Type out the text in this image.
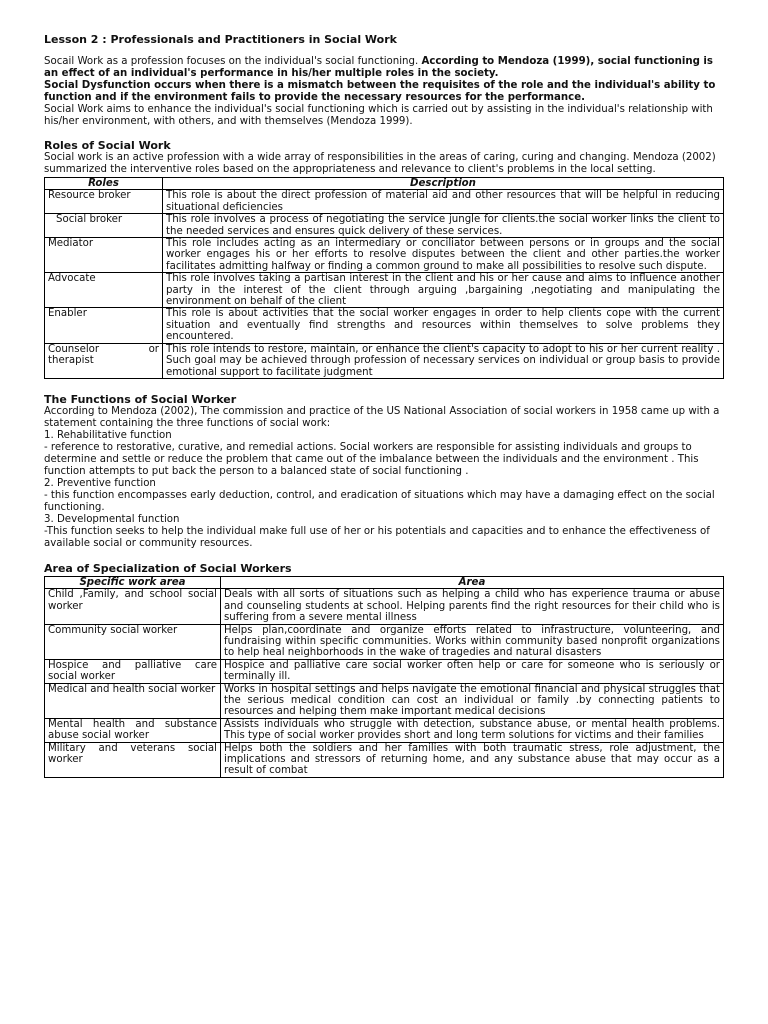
Lesson 2 : Professionals and Practitioners in Social Work

Socail Work as a profession focuses on the individual's social functioning. According to Mendoza (1999), social functioning is an effect of an individual's performance in his/her multiple roles in the society.

Social Dysfunction occurs when there is a mismatch between the requisites of the role and the individual's ability to function and if the environment fails to provide the necessary resources for the performance.

Social Work aims to enhance the individual's social functioning which is carried out by assisting in the individual's relationship with his/her environment, with others, and with themselves (Mendoza 1999).

Roles of Social Work

Social work is an active profession with a wide array of responsibilities in the areas of caring, curing and changing. Mendoza (2002) summarized the interventive roles based on the appropriateness and relevance to client's problems in the local setting.

Roles	Description
Resource broker	This role is about the direct profession of material aid and other resources that will be helpful in reducing situational deficiencies
Social broker	This role involves a process of negotiating the service jungle for clients.the social worker links the client to the needed services and ensures quick delivery of these services.
Mediator	This role includes acting as an intermediary or conciliator between persons or in groups and the social worker engages his or her efforts to resolve disputes between the client and other parties.the worker facilitates admitting halfway or finding a common ground to make all possibilities to resolve such dispute.
Advocate	This role involves taking a partisan interest in the client and his or her cause and aims to influence another party in the interest of the client through arguing ,bargaining ,negotiating and manipulating the environment on behalf of the client
Enabler	This role is about activities that the social worker engages in order to help clients cope with the current situation and eventually find strengths and resources within themselves to solve problems they encountered.
Counselor or therapist	This role intends to restore, maintain, or enhance the client's capacity to adopt to his or her current reality . Such goal may be achieved through profession of necessary services on individual or group basis to provide emotional support to facilitate judgment

The Functions of Social Worker

According to Mendoza (2002), The commission and practice of the US National Association of social workers in 1958 came up with a statement containing the three functions of social work:

1. Rehabilitative function

- reference to restorative, curative, and remedial actions. Social workers are responsible for assisting individuals and groups to determine and settle or reduce the problem that came out of the imbalance between the individuals and the environment . This function attempts to put back the person to a balanced state of social functioning .

2. Preventive function

- this function encompasses early deduction, control, and eradication of situations which may have a damaging effect on the social functioning.

3. Developmental function

-This function seeks to help the individual make full use of her or his potentials and capacities and to enhance the effectiveness of available social or community resources.

Area of Specialization of Social Workers

Specific work area	Area
Child ,Family, and school social worker	Deals with all sorts of situations such as helping a child who has experience trauma or abuse and counseling students at school. Helping parents find the right resources for their child who is suffering from a severe mental illness
Community social worker	Helps plan,coordinate and organize efforts related to infrastructure, volunteering, and fundraising within specific communities. Works within community based nonprofit organizations to help heal neighborhoods in the wake of tragedies and natural disasters
Hospice and palliative care social worker	Hospice and palliative care social worker often help or care for someone who is seriously or terminally ill.
Medical and health social worker	Works in hospital settings and helps navigate the emotional financial and physical struggles that the serious medical condition can cost an individual or family .by connecting patients to resources and helping them make important medical decisions
Mental health and substance abuse social worker	Assists individuals who struggle with detection, substance abuse, or mental health problems. This type of social worker provides short and long term solutions for victims and their families
Military and veterans social worker	Helps both the soldiers and her families with both traumatic stress, role adjustment, the implications and stressors of returning home, and any substance abuse that may occur as a result of combat
